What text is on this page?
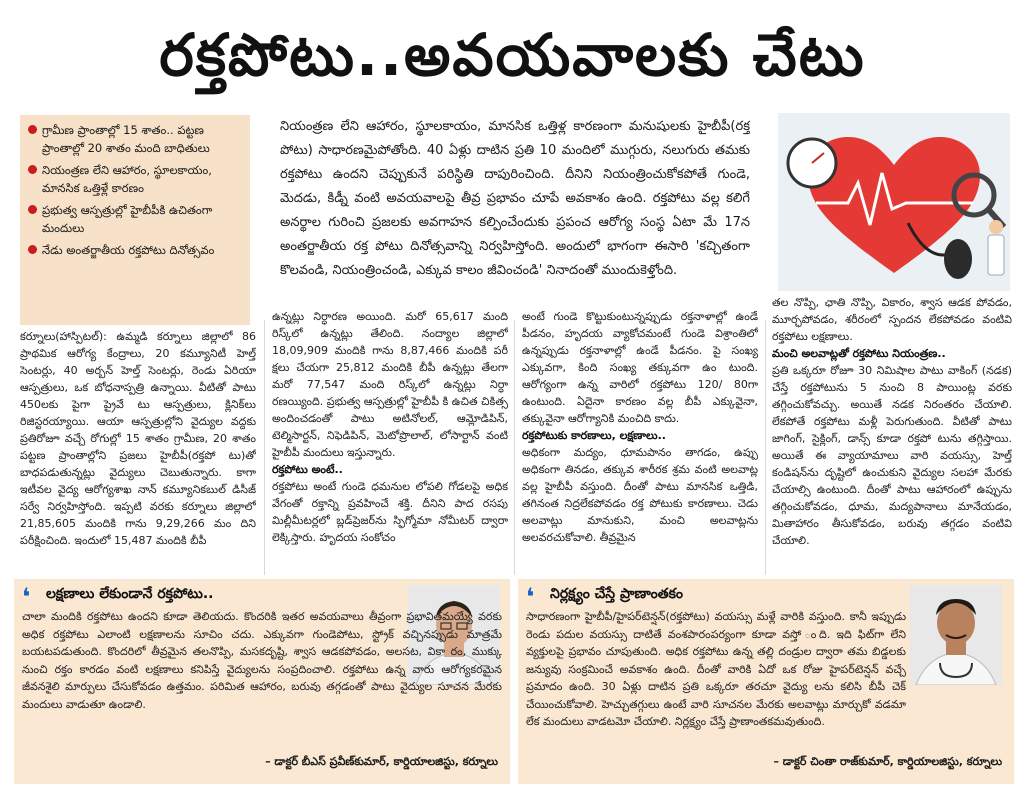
రక్తపోటు..అవయవాలకు చేటు
గ్రామీణ ప్రాంతాల్లో 15 శాతం.. పట్టణ ప్రాంతాల్లో 20 శాతం మంది బాధితులు
నియంత్రణ లేని ఆహారం, స్థూలకాయం, మానసిక ఒత్తిళ్లే కారణం
ప్రభుత్వ ఆస్పత్రుల్లో హైబీపీకి ఉచితంగా మందులు
నేడు అంతర్జాతీయ రక్తపోటు దినోత్సవం
నియంత్రణ లేని ఆహారం, స్థూలకాయం, మానసిక ఒత్తిళ్ల కారణంగా మనుషులకు హైబీపీ(రక్త పోటు) సాధారణమైపోతోంది. 40 ఏళ్లు దాటిన ప్రతి 10 మందిలో ముగ్గురు, నలుగురు తమకు రక్తపోటు ఉందని చెప్పుకునే పరిస్థితి దాపురించింది. దీనిని నియంత్రించుకోకపోతే గుండె, మెదడు, కిడ్నీ వంటి అవయవాలపై తీవ్ర ప్రభావం చూపే అవకాశం ఉంది. రక్తపోటు వల్ల కలిగే అనర్థాల గురించి ప్రజలకు అవగాహన కల్పించేందుకు ప్రపంచ ఆరోగ్య సంస్థ ఏటా మే 17న అంతర్జాతీయ రక్త పోటు దినోత్సవాన్ని నిర్వహిస్తోంది. అందులో భాగంగా ఈసారి 'కచ్చితంగా కొలవండి, నియంత్రించండి, ఎక్కువ కాలం జీవించండి' నినాదంతో ముందుకెళ్తోంది.

కర్నూలు(హాస్పిటల్): ఉమ్మడి కర్నూలు జిల్లాలో 86 ప్రాథమిక ఆరోగ్య కేంద్రాలు, 20 కమ్యూనిటీ హెల్త్ సెంటర్లు, 40 అర్బన్ హెల్త్ సెంటర్లు, రెండు ఏరియా ఆస్పత్రులు, ఒక బోధనాస్పత్రి ఉన్నాయి. వీటితో పాటు 450లకు పైగా ప్రైవే టు ఆస్పత్రులు, క్లినిక్‌లు రిజిస్టరయ్యాయి. ఆయా ఆస్పత్రుల్లోని వైద్యుల వద్దకు ప్రతిరోజూ వచ్చే రోగుల్లో 15 శాతం గ్రామీణ, 20 శాతం పట్టణ ప్రాంతాల్లోని ప్రజలు హైబీపీ(రక్తపో టు)తో బాధపడుతున్నట్లు వైద్యులు చెబుతున్నారు. కాగా ఇటీవల వైద్య ఆరోగ్యశాఖ నాన్ కమ్యూనికబుల్ డిసీజ్ సర్వే నిర్వహిస్తోంది. ఇప్పటి వరకు కర్నూలు జిల్లాలో 21,85,605 మందికి గాను 9,29,266 మం దిని పరీక్షించింది. ఇందులో 15,487 మందికి బీపీ

ఉన్నట్లు నిర్ధారణ అయింది. మరో 65,617 మంది రిస్క్‌లో ఉన్నట్లు తేలింది. నంద్యాల జిల్లాలో 18,09,909 మందికి గాను 8,87,466 మందికి పరీ క్షలు చేయగా 25,812 మందికి బీపీ ఉన్నట్లు తేలగా మరో 77,547 మంది రిస్క్‌లో ఉన్నట్లు నిర్ధా రణయ్యింది. ప్రభుత్వ ఆస్పత్రుల్లో హైబీపీ కి ఉచిత చికిత్స అందించడంతో పాటు అటినోలల్, ఆమ్లోడిపిన్, టెల్మిసార్టన్, నిఫెడిపిన్, మెటోప్రొలాల్, లోసార్టాన్ వంటి హైబీపీ మందులు ఇస్తున్నారు.

రక్తపోటు అంటే..

రక్తపోటు అంటే గుండె ధమనుల లోపలి గోడలపై అధిక వేగంతో రక్తాన్ని ప్రవహించే శక్తి. దీనిని పాద రసపు మిల్లీమీటర్లలో బ్లడ్‌ప్రెజర్‌ను స్ఫిగ్మోమా నోమీటర్ ద్వారా లెక్కిస్తారు. హృదయ సంకోచం

అంటే గుండె కొట్టుకుంటున్నప్పుడు రక్తనాళాల్లో ఉండే పీడనం, హృదయ వ్యాకోచమంటే గుండె విశ్రాంతిలో ఉన్నప్పుడు రక్తనాళాల్లో ఉండే పీడనం. పై సంఖ్య ఎక్కువగా, కింది సంఖ్య తక్కువగా ఉం టుంది. ఆరోగ్యంగా ఉన్న వారిలో రక్తపోటు 120/ 80గా ఉంటుంది. ఏదైనా కారణం వల్ల బీపీ ఎక్కువైనా, తక్కువైనా ఆరోగ్యానికి మంచిది కాదు.

రక్తపోటుకు కారణాలు, లక్షణాలు..

అధికంగా మద్యం, ధూమపానం తాగడం, ఉప్పు అధికంగా తినడం, తక్కువ శారీరక శ్రమ వంటి అలవాట్ల వల్ల హైబీపీ వస్తుంది. దీంతో పాటు మానసిక ఒత్తిడి, తగినంత నిద్రలేకపోవడం రక్త పోటుకు కారణాలు. చెడు అలవాట్లు మానుకుని, మంచి అలవాట్లను అలవరచుకోవాలి. తీవ్రమైన

తల నొప్పి, ఛాతి నొప్పి, వికారం, శ్వాస ఆడక పోవడం, మూర్ఛపోవడం, శరీరంలో స్పందన లేకపోవడం వంటివి రక్తపోటు లక్షణాలు.

మంచి అలవాట్లతో రక్తపోటు నియంత్రణ..

ప్రతి ఒక్కరూ రోజూ 30 నిమిషాల పాటు వాకింగ్ (నడక) చేస్తే రక్తపోటును 5 నుంచి 8 పాయింట్ల వరకు తగ్గించుకోవచ్చు. అయితే నడక నిరంతరం చేయాలి. లేకపోతే రక్తపోటు మళ్లీ పెరుగుతుంది. వీటితో పాటు జాగింగ్, సైక్లింగ్, డాన్స్ కూడా రక్తపో టును తగ్గిస్తాయి. అయితే ఈ వ్యాయామాలు వారి వయస్సు, హెల్త్ కండిషన్‌ను దృష్టిలో ఉంచుకుని వైద్యుల సలహా మేరకు చేయాల్సి ఉంటుంది. దీంతో పాటు ఆహారంలో ఉప్పును తగ్గించుకోవడం, ధూమ, మద్యపానాలు మానేయడం, మితాహారం తీసుకోవడం, బరువు తగ్గడం వంటివి చేయాలి.

❛ లక్షణాలు లేకుండానే రక్తపోటు..
చాలా మందికి రక్తపోటు ఉందని కూడా తెలియదు. కొందరికి ఇతర అవయవాలు తీవ్రంగా ప్రభావితమయ్యే వరకు అధిక రక్తపోటు ఎలాంటి లక్షణాలను సూచిం చదు. ఎక్కువగా గుండెపోటు, స్ట్రోక్ వచ్చినప్పుడు మాత్రమే బయటపడుతుంది. కొందరిలో తీవ్రమైన తలనొప్పి, మసకదృష్టి, శ్వాస ఆడకపోవడం, అలసట, వికా రం, ముక్కు నుంచి రక్తం కారడం వంటి లక్షణాలు కనిపిస్తే వైద్యులను సంప్రదించాలి. రక్తపోటు ఉన్న వారు ఆరోగ్యకరమైన జీవనశైలి మార్పులు చేసుకోవడం ఉత్తమం. పరిమిత ఆహారం, బరువు తగ్గడంతో పాటు వైద్యుల సూచన మేరకు మందులు వాడుతూ ఉండాలి.
– డాక్టర్ బీఎస్ ప్రవీణ్‌కుమార్, కార్డియాలజిస్టు, కర్నూలు
❛ నిర్లక్ష్యం చేస్తే ప్రాణాంతకం
సాధారణంగా హైబీపీ/హైపర్‌టెన్షన్(రక్తపోటు) వయస్సు మళ్లే వారికి వస్తుంది. కానీ ఇప్పుడు రెండు పదుల వయస్సు దాటితే వంశపారంపర్యంగా కూడా వస్తో ంది. ఇది ఫిట్‌గా లేని వ్యక్తులపై ప్రభావం చూపుతుంది. అధిక రక్తపోటు ఉన్న తల్లి దండ్రుల ద్వారా తమ బిడ్డలకు జన్యువు సంక్రమించే అవకాశం ఉంది. దీంతో వారికి ఏదో ఒక రోజు హైపర్‌టెన్షన్ వచ్చే ప్రమాదం ఉంది. 30 ఏళ్లు దాటిన ప్రతి ఒక్కరూ తరచూ వైద్యు లను కలిసి బీపీ చెక్ చేయించుకోవాలి. హెచ్చుతగ్గులు ఉంటే వారి సూచనల మేరకు అలవాట్లు మార్చుకో వడమా లేక మందులు వాడటమో చేయాలి. నిర్లక్ష్యం చేస్తే ప్రాణాంతకమవుతుంది.
– డాక్టర్ చింతా రాజ్‌కుమార్, కార్డియాలజిస్టు, కర్నూలు
